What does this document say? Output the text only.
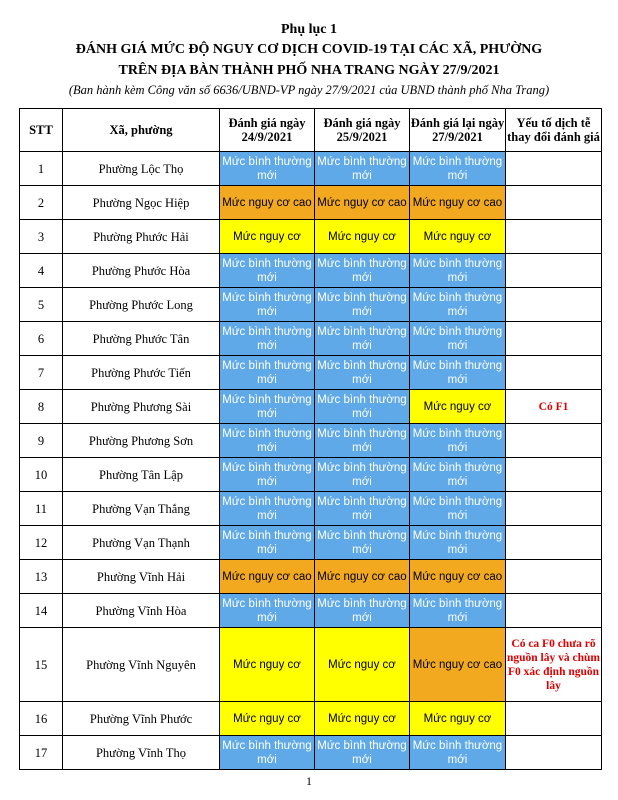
Phụ lục 1
ĐÁNH GIÁ MỨC ĐỘ NGUY CƠ DỊCH COVID-19 TẠI CÁC XÃ, PHƯỜNG
TRÊN ĐỊA BÀN THÀNH PHỐ NHA TRANG NGÀY 27/9/2021
(Ban hành kèm Công văn số 6636/UBND-VP ngày 27/9/2021 của UBND thành phố Nha Trang)
STT	Xã, phường	Đánh giá ngày 24/9/2021	Đánh giá ngày 25/9/2021	Đánh giá lại ngày 27/9/2021	Yếu tố dịch tễ thay đổi đánh giá
1	Phường Lộc Thọ	Mức bình thường mới	Mức bình thường mới	Mức bình thường mới	
2	Phường Ngọc Hiệp	Mức nguy cơ cao	Mức nguy cơ cao	Mức nguy cơ cao	
3	Phường Phước Hải	Mức nguy cơ	Mức nguy cơ	Mức nguy cơ	
4	Phường Phước Hòa	Mức bình thường mới	Mức bình thường mới	Mức bình thường mới	
5	Phường Phước Long	Mức bình thường mới	Mức bình thường mới	Mức bình thường mới	
6	Phường Phước Tân	Mức bình thường mới	Mức bình thường mới	Mức bình thường mới	
7	Phường Phước Tiến	Mức bình thường mới	Mức bình thường mới	Mức bình thường mới	
8	Phường Phương Sài	Mức bình thường mới	Mức bình thường mới	Mức nguy cơ	Có F1
9	Phường Phương Sơn	Mức bình thường mới	Mức bình thường mới	Mức bình thường mới	
10	Phường Tân Lập	Mức bình thường mới	Mức bình thường mới	Mức bình thường mới	
11	Phường Vạn Thắng	Mức bình thường mới	Mức bình thường mới	Mức bình thường mới	
12	Phường Vạn Thạnh	Mức bình thường mới	Mức bình thường mới	Mức bình thường mới	
13	Phường Vĩnh Hải	Mức nguy cơ cao	Mức nguy cơ cao	Mức nguy cơ cao	
14	Phường Vĩnh Hòa	Mức bình thường mới	Mức bình thường mới	Mức bình thường mới	
15	Phường Vĩnh Nguyên	Mức nguy cơ	Mức nguy cơ	Mức nguy cơ cao	Có ca F0 chưa rõ nguồn lây và chùm F0 xác định nguồn lây
16	Phường Vĩnh Phước	Mức nguy cơ	Mức nguy cơ	Mức nguy cơ	
17	Phường Vĩnh Thọ	Mức bình thường mới	Mức bình thường mới	Mức bình thường mới	
1
